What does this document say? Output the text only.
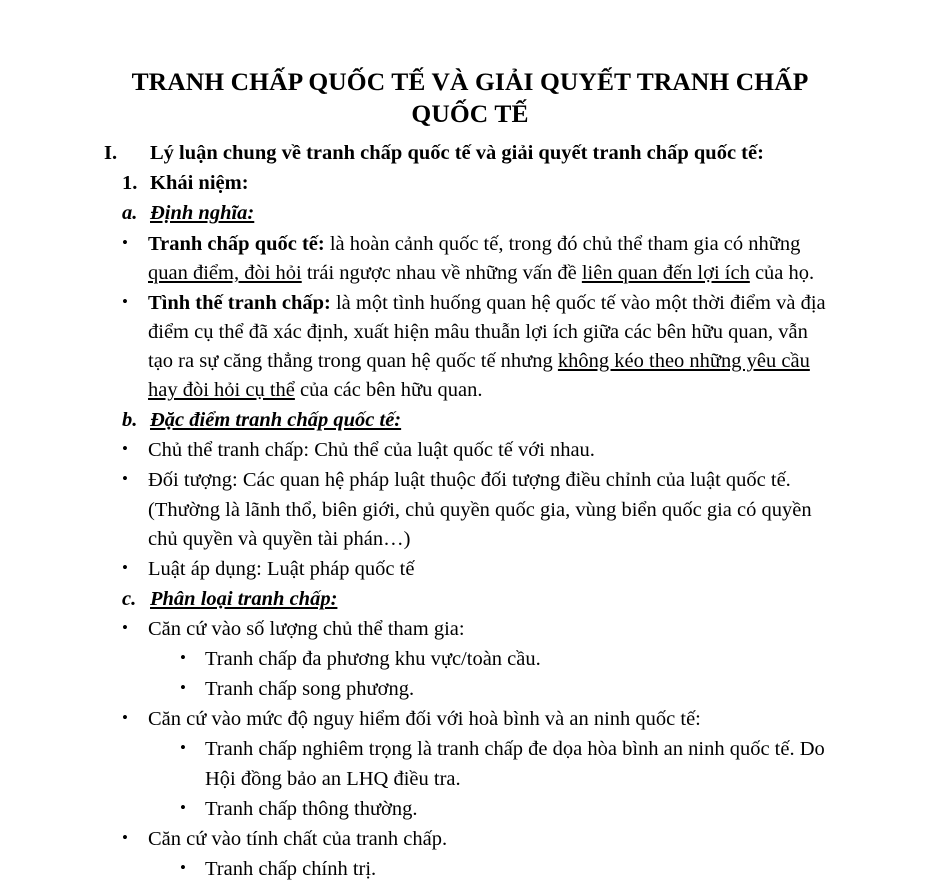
TRANH CHẤP QUỐC TẾ VÀ GIẢI QUYẾT TRANH CHẤP
QUỐC TẾ
I. Lý luận chung về tranh chấp quốc tế và giải quyết tranh chấp quốc tế:
1. Khái niệm:
a. Định nghĩa:
• Tranh chấp quốc tế: là hoàn cảnh quốc tế, trong đó chủ thể tham gia có những quan điểm, đòi hỏi trái ngược nhau về những vấn đề liên quan đến lợi ích của họ.
• Tình thế tranh chấp: là một tình huống quan hệ quốc tế vào một thời điểm và địa điểm cụ thể đã xác định, xuất hiện mâu thuẫn lợi ích giữa các bên hữu quan, vẫn tạo ra sự căng thẳng trong quan hệ quốc tế nhưng không kéo theo những yêu cầu hay đòi hỏi cụ thể của các bên hữu quan.
b. Đặc điểm tranh chấp quốc tế:
• Chủ thể tranh chấp: Chủ thể của luật quốc tế với nhau.
• Đối tượng: Các quan hệ pháp luật thuộc đối tượng điều chỉnh của luật quốc tế. (Thường là lãnh thổ, biên giới, chủ quyền quốc gia, vùng biển quốc gia có quyền chủ quyền và quyền tài phán…)
• Luật áp dụng: Luật pháp quốc tế
c. Phân loại tranh chấp:
• Căn cứ vào số lượng chủ thể tham gia:
• Tranh chấp đa phương khu vực/toàn cầu.
• Tranh chấp song phương.
• Căn cứ vào mức độ nguy hiểm đối với hoà bình và an ninh quốc tế:
• Tranh chấp nghiêm trọng là tranh chấp đe dọa hòa bình an ninh quốc tế. Do Hội đồng bảo an LHQ điều tra.
• Tranh chấp thông thường.
• Căn cứ vào tính chất của tranh chấp.
• Tranh chấp chính trị.
